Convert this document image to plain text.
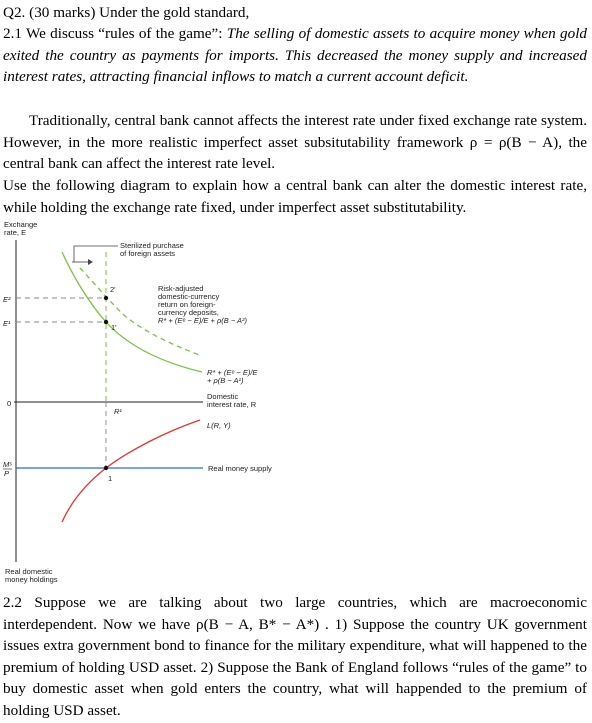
Q2. (30 marks) Under the gold standard,

2.1 We discuss “rules of the game”: The selling of domestic assets to acquire money when gold exited the country as payments for imports. This decreased the money supply and increased interest rates, attracting financial inflows to match a current account deficit.

Traditionally, central bank cannot affects the interest rate under fixed exchange rate system. However, in the more realistic imperfect asset subsitutability framework ρ = ρ(B − A), the central bank can affect the interest rate level.

Use the following diagram to explain how a central bank can alter the domestic interest rate, while holding the exchange rate fixed, under imperfect asset substitutability.

Exchange
rate, E
Real domestic
money holdings
E²
E¹
0
Mˢ
P
Sterilized purchase
of foreign assets
2'
1'
Risk-adjusted
domestic-currency
return on foreign-
currency deposits,
R* + (Eᵉ − E)/E + ρ(B − A²)
R* + (Eᵉ − E)/E
+ ρ(B − A¹)
Domestic
interest rate, R
R¹
L(R, Y)
Real money supply
1

2.2 Suppose we are talking about two large countries, which are macroeconomic interdependent. Now we have ρ(B − A, B* − A*) . 1) Suppose the country UK government issues extra government bond to finance for the military expenditure, what will happened to the premium of holding USD asset. 2) Suppose the Bank of England follows “rules of the game” to buy domestic asset when gold enters the country, what will happended to the premium of holding USD asset.
